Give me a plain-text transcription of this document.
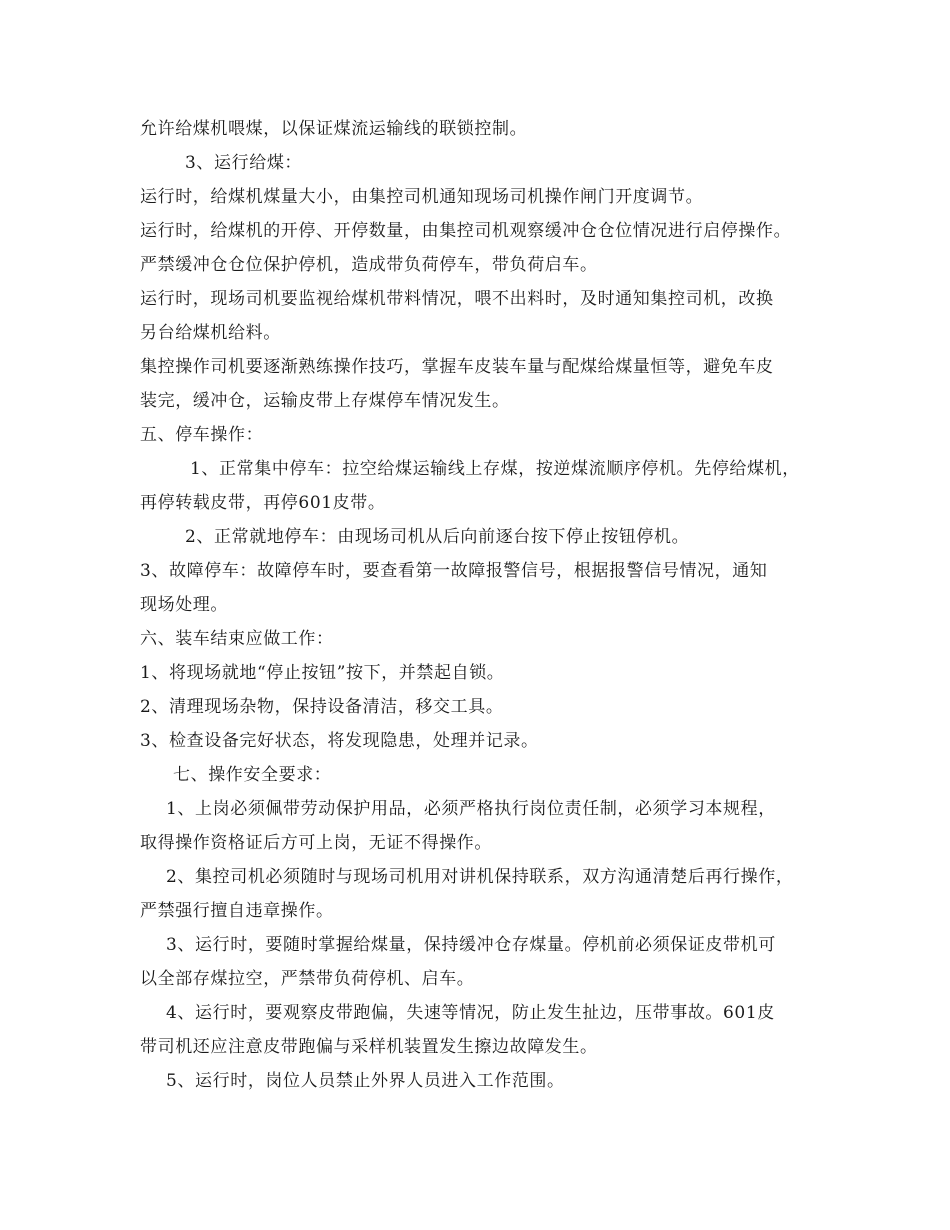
允许给煤机喂煤，以保证煤流运输线的联锁控制。
3、运行给煤：
运行时，给煤机煤量大小，由集控司机通知现场司机操作闸门开度调节。
运行时，给煤机的开停、开停数量，由集控司机观察缓冲仓仓位情况进行启停操作。
严禁缓冲仓仓位保护停机，造成带负荷停车，带负荷启车。
运行时，现场司机要监视给煤机带料情况，喂不出料时，及时通知集控司机，改换
另台给煤机给料。
集控操作司机要逐渐熟练操作技巧，掌握车皮装车量与配煤给煤量恒等，避免车皮
装完，缓冲仓，运输皮带上存煤停车情况发生。
五、停车操作：
1、正常集中停车：拉空给煤运输线上存煤，按逆煤流顺序停机。先停给煤机，
再停转载皮带，再停601皮带。
2、正常就地停车：由现场司机从后向前逐台按下停止按钮停机。
3、故障停车：故障停车时，要查看第一故障报警信号，根据报警信号情况，通知
现场处理。
六、装车结束应做工作：
1、将现场就地“停止按钮”按下，并禁起自锁。
2、清理现场杂物，保持设备清洁，移交工具。
3、检查设备完好状态，将发现隐患，处理并记录。
七、操作安全要求：
1、上岗必须佩带劳动保护用品，必须严格执行岗位责任制，必须学习本规程，
取得操作资格证后方可上岗，无证不得操作。
2、集控司机必须随时与现场司机用对讲机保持联系，双方沟通清楚后再行操作，
严禁强行擅自违章操作。
3、运行时，要随时掌握给煤量，保持缓冲仓存煤量。停机前必须保证皮带机可
以全部存煤拉空，严禁带负荷停机、启车。
4、运行时，要观察皮带跑偏，失速等情况，防止发生扯边，压带事故。601皮
带司机还应注意皮带跑偏与采样机装置发生擦边故障发生。
5、运行时，岗位人员禁止外界人员进入工作范围。
